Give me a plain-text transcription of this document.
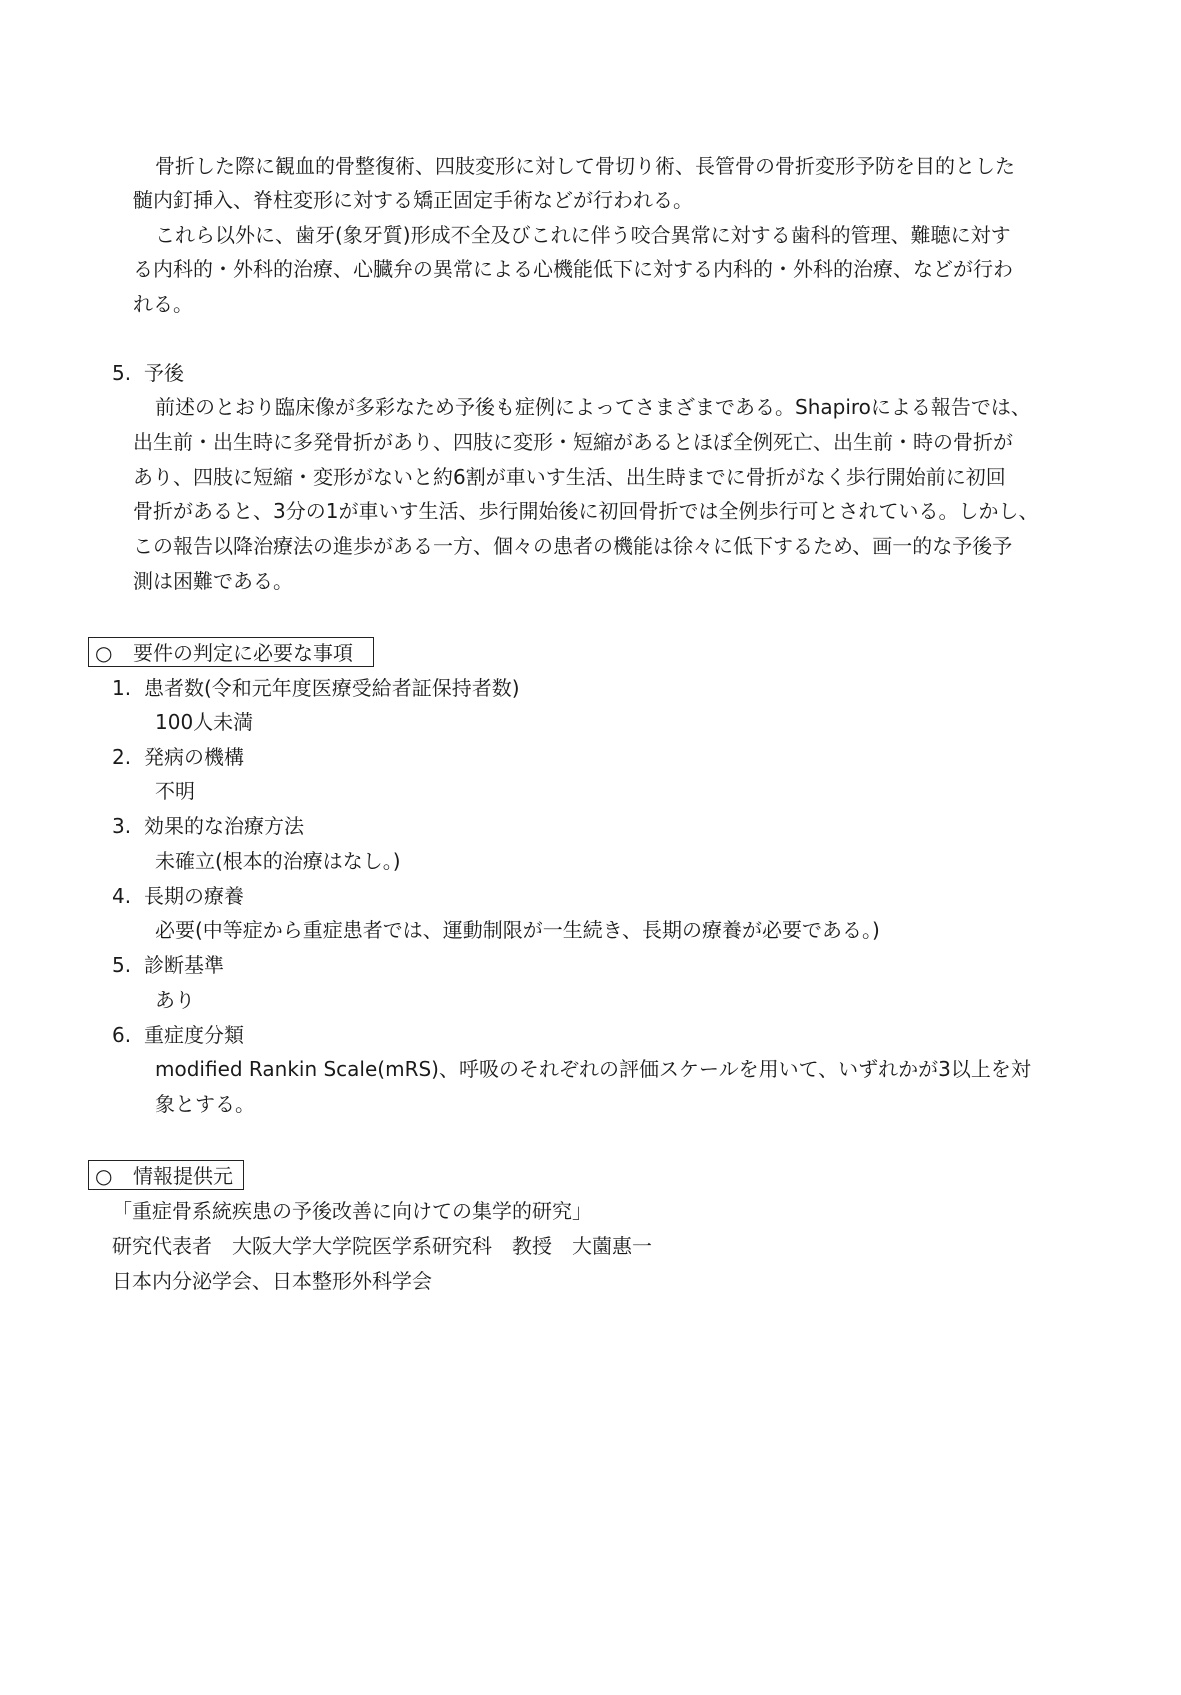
骨折した際に観血的骨整復術、四肢変形に対して骨切り術、長管骨の骨折変形予防を目的とした
髄内釘挿入、脊柱変形に対する矯正固定手術などが行われる。
これら以外に、歯牙(象牙質)形成不全及びこれに伴う咬合異常に対する歯科的管理、難聴に対す
る内科的・外科的治療、心臓弁の異常による心機能低下に対する内科的・外科的治療、などが行わ
れる。
5. 予後
前述のとおり臨床像が多彩なため予後も症例によってさまざまである。Shapiroによる報告では、
出生前・出生時に多発骨折があり、四肢に変形・短縮があるとほぼ全例死亡、出生前・時の骨折が
あり、四肢に短縮・変形がないと約6割が車いす生活、出生時までに骨折がなく歩行開始前に初回
骨折があると、3分の1が車いす生活、歩行開始後に初回骨折では全例歩行可とされている。しかし、
この報告以降治療法の進歩がある一方、個々の患者の機能は徐々に低下するため、画一的な予後予
測は困難である。
○ 要件の判定に必要な事項
1. 患者数(令和元年度医療受給者証保持者数)
100人未満
2. 発病の機構
不明
3. 効果的な治療方法
未確立(根本的治療はなし。)
4. 長期の療養
必要(中等症から重症患者では、運動制限が一生続き、長期の療養が必要である。)
5. 診断基準
あり
6. 重症度分類
modified Rankin Scale(mRS)、呼吸のそれぞれの評価スケールを用いて、いずれかが3以上を対
象とする。
○ 情報提供元
「重症骨系統疾患の予後改善に向けての集学的研究」
研究代表者　大阪大学大学院医学系研究科　教授　大薗惠一
日本内分泌学会、日本整形外科学会
